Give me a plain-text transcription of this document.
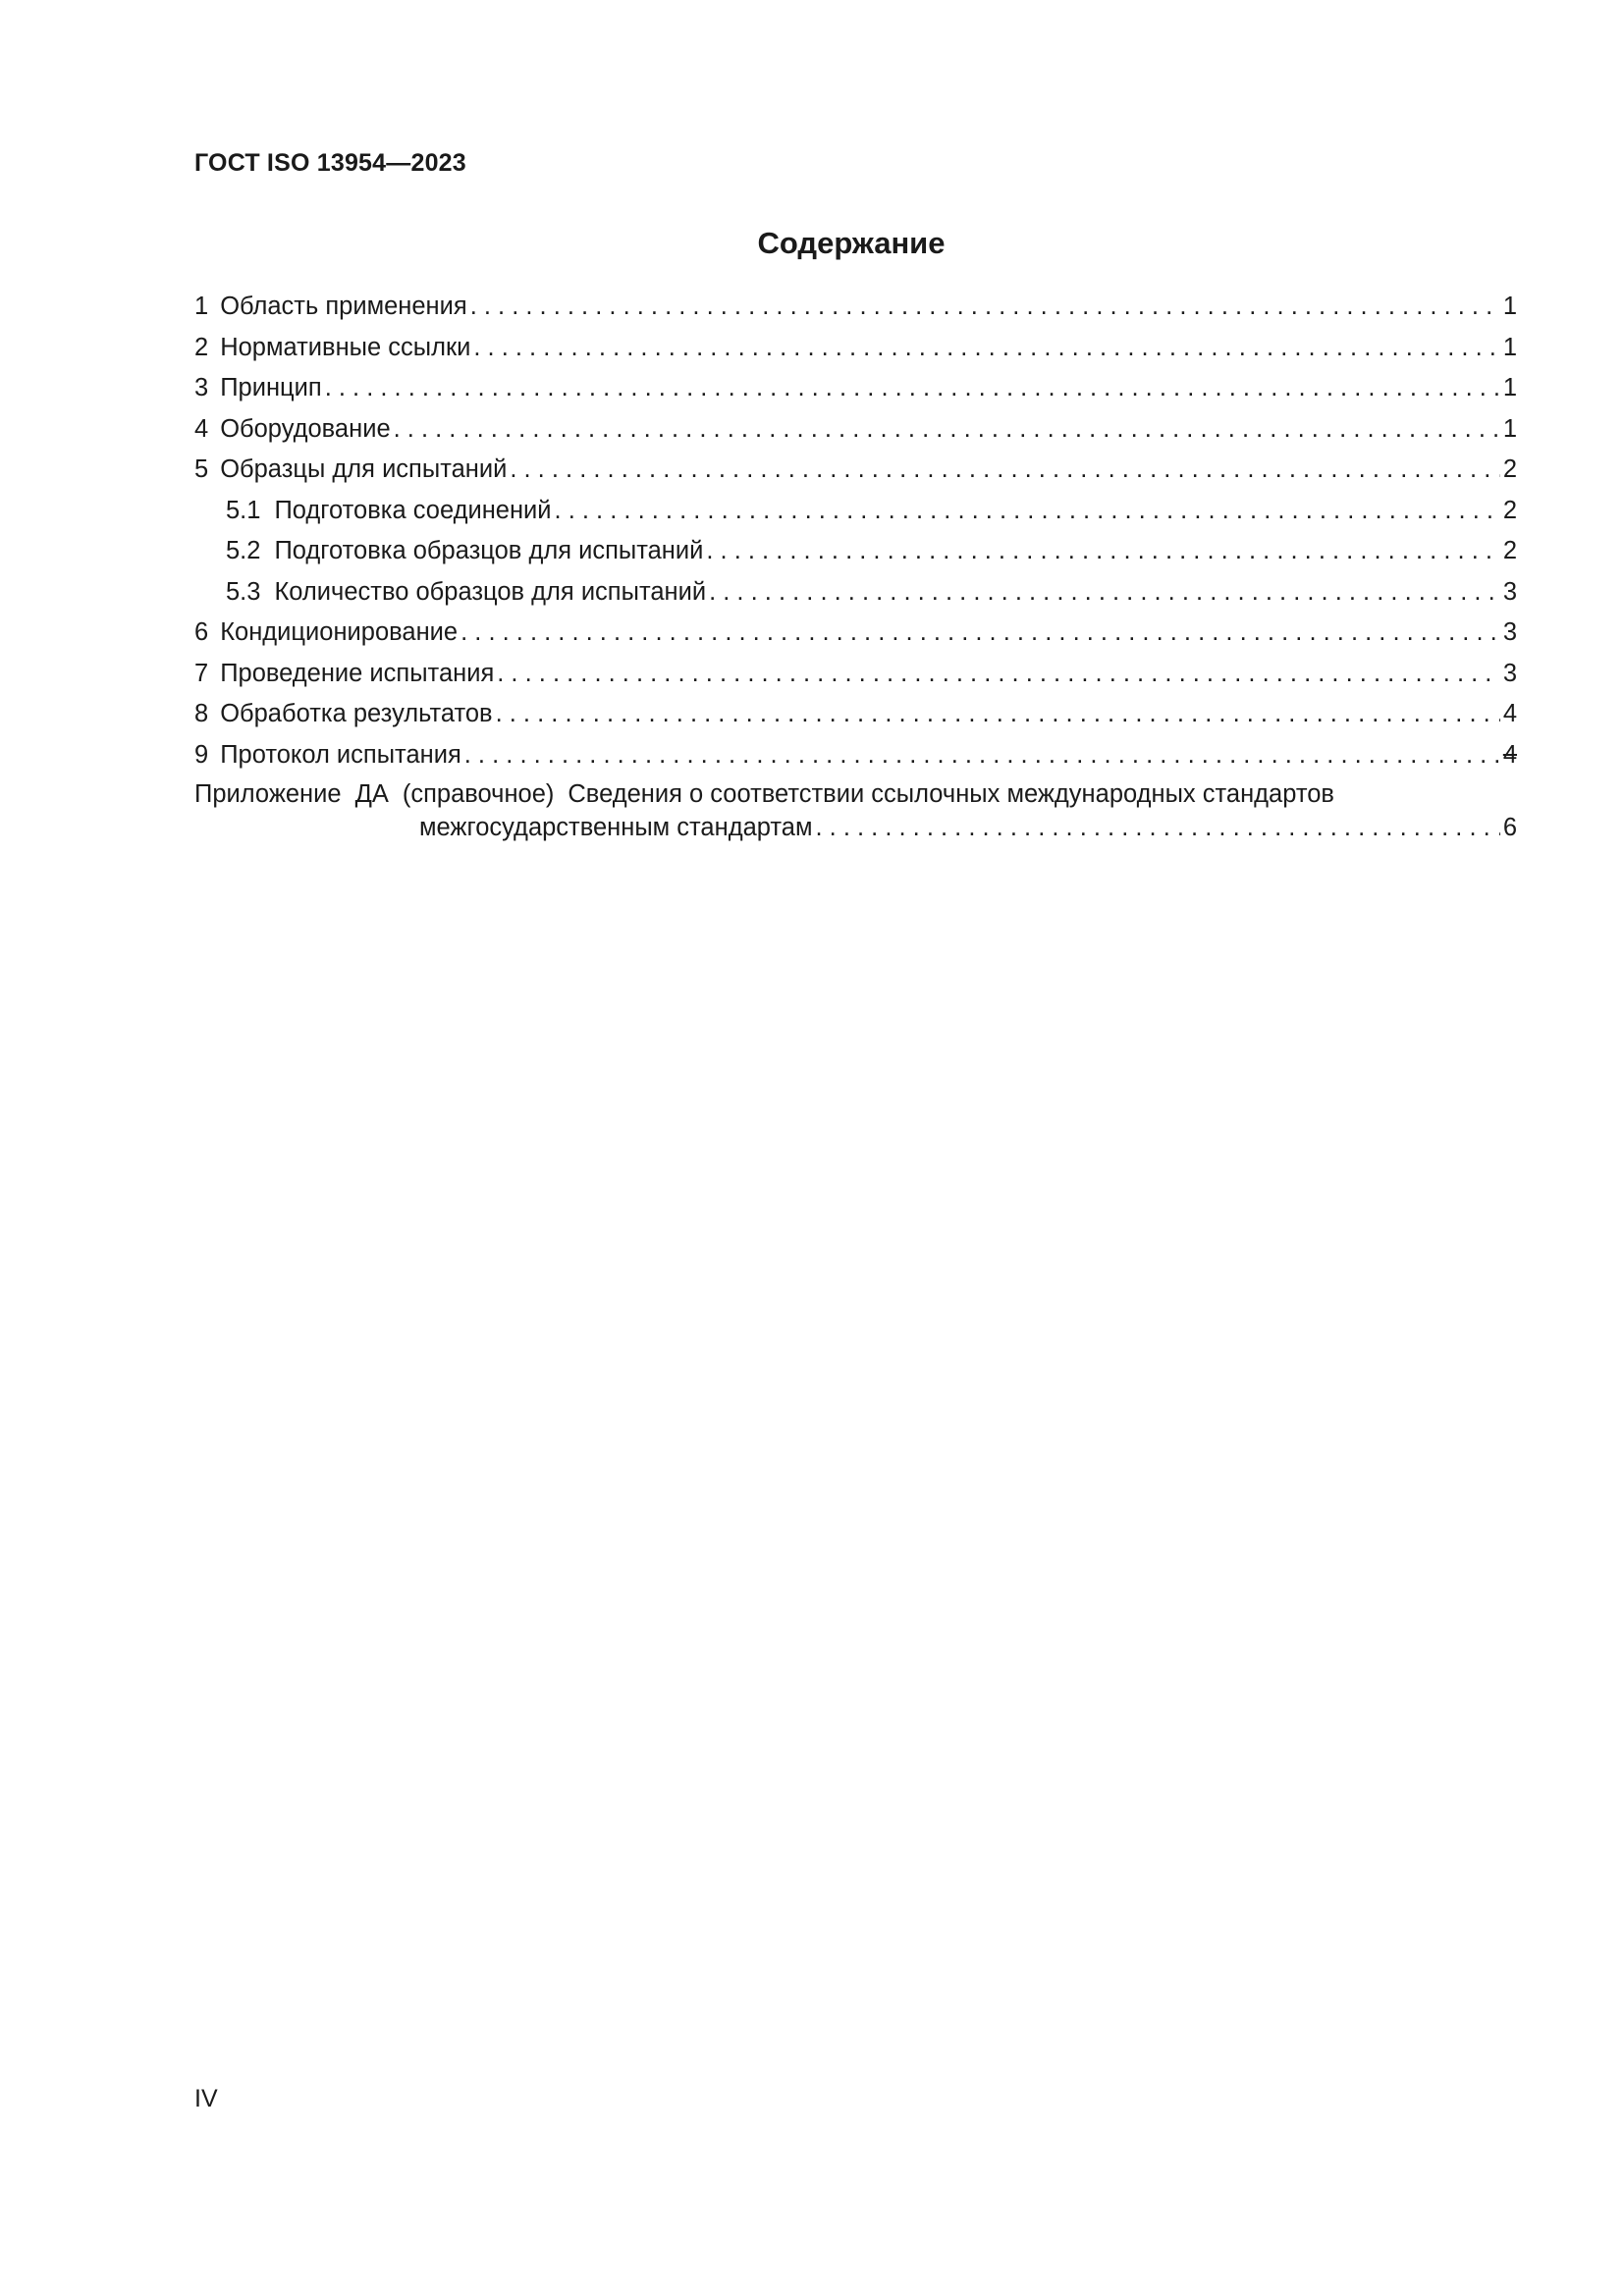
ГОСТ ISO 13954—2023
Содержание
1 Область применения . . .	1
2 Нормативные ссылки . . .	1
3 Принцип . . .	1
4 Оборудование . . .	1
5 Образцы для испытаний . . .	2
5.1 Подготовка соединений . . .	2
5.2 Подготовка образцов для испытаний . . .	2
5.3 Количество образцов для испытаний . . .	3
6 Кондиционирование . . .	3
7 Проведение испытания . . .	3
8 Обработка результатов . . .	4
9 Протокол испытания . . .	4
Приложение ДА (справочное) Сведения о соответствии ссылочных международных стандартов
межгосударственным стандартам . . .	6
IV
